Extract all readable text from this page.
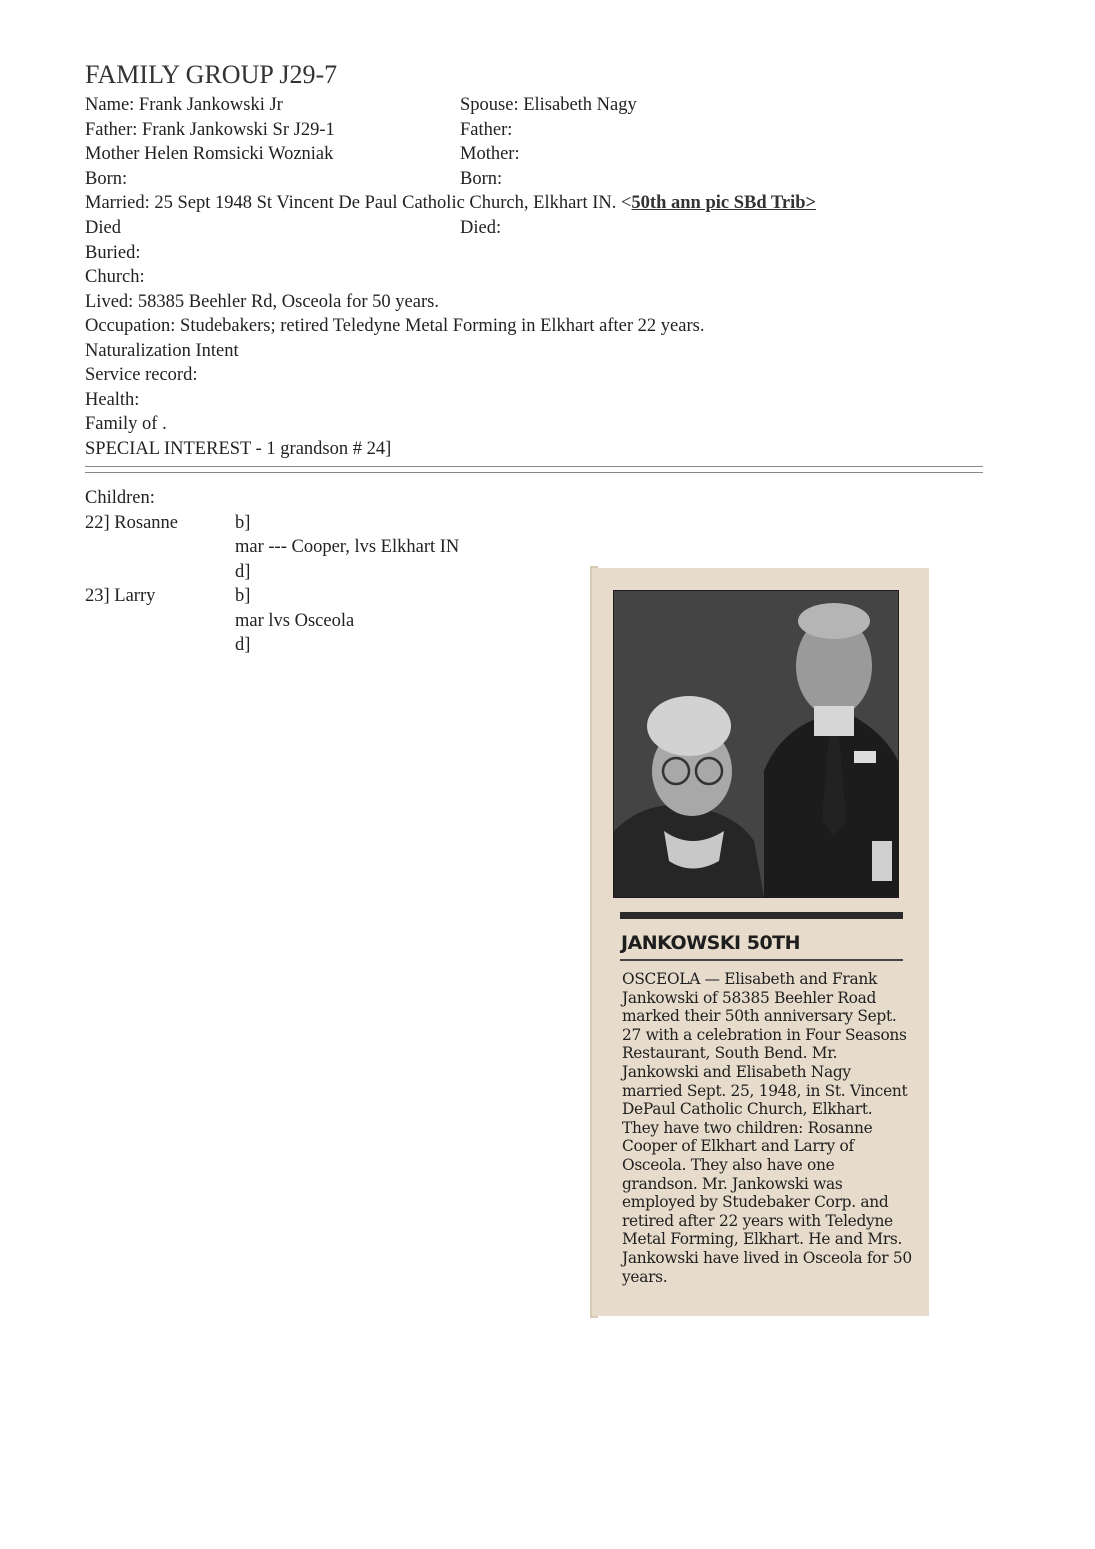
FAMILY GROUP J29-7
Name: Frank Jankowski Jr	Spouse: Elisabeth Nagy
Father: Frank Jankowski Sr J29-1	Father:
Mother Helen Romsicki Wozniak	Mother:
Born:	Born:
Married: 25 Sept 1948 St Vincent De Paul Catholic Church, Elkhart IN. <50th ann pic SBd Trib>
Died	Died:
Buried:
Church:
Lived: 58385 Beehler Rd, Osceola for 50 years.
Occupation: Studebakers; retired Teledyne Metal Forming in Elkhart after 22 years.
Naturalization Intent
Service record:
Health:
Family of .
SPECIAL INTEREST - 1 grandson # 24]
Children:
22] Rosanne	b]
mar --- Cooper, lvs Elkhart IN
d]
23] Larry	b]
mar lvs Osceola
d]
JANKOWSKI 50TH
OSCEOLA — Elisabeth and Frank Jankowski of 58385 Beehler Road marked their 50th anniversary Sept. 27 with a celebration in Four Seasons Restaurant, South Bend. Mr. Jankowski and Elisabeth Nagy married Sept. 25, 1948, in St. Vincent DePaul Catholic Church, Elkhart. They have two children: Rosanne Cooper of Elkhart and Larry of Osceola. They also have one grandson. Mr. Jankowski was employed by Studebaker Corp. and retired after 22 years with Teledyne Metal Forming, Elkhart. He and Mrs. Jankowski have lived in Osceola for 50 years.
